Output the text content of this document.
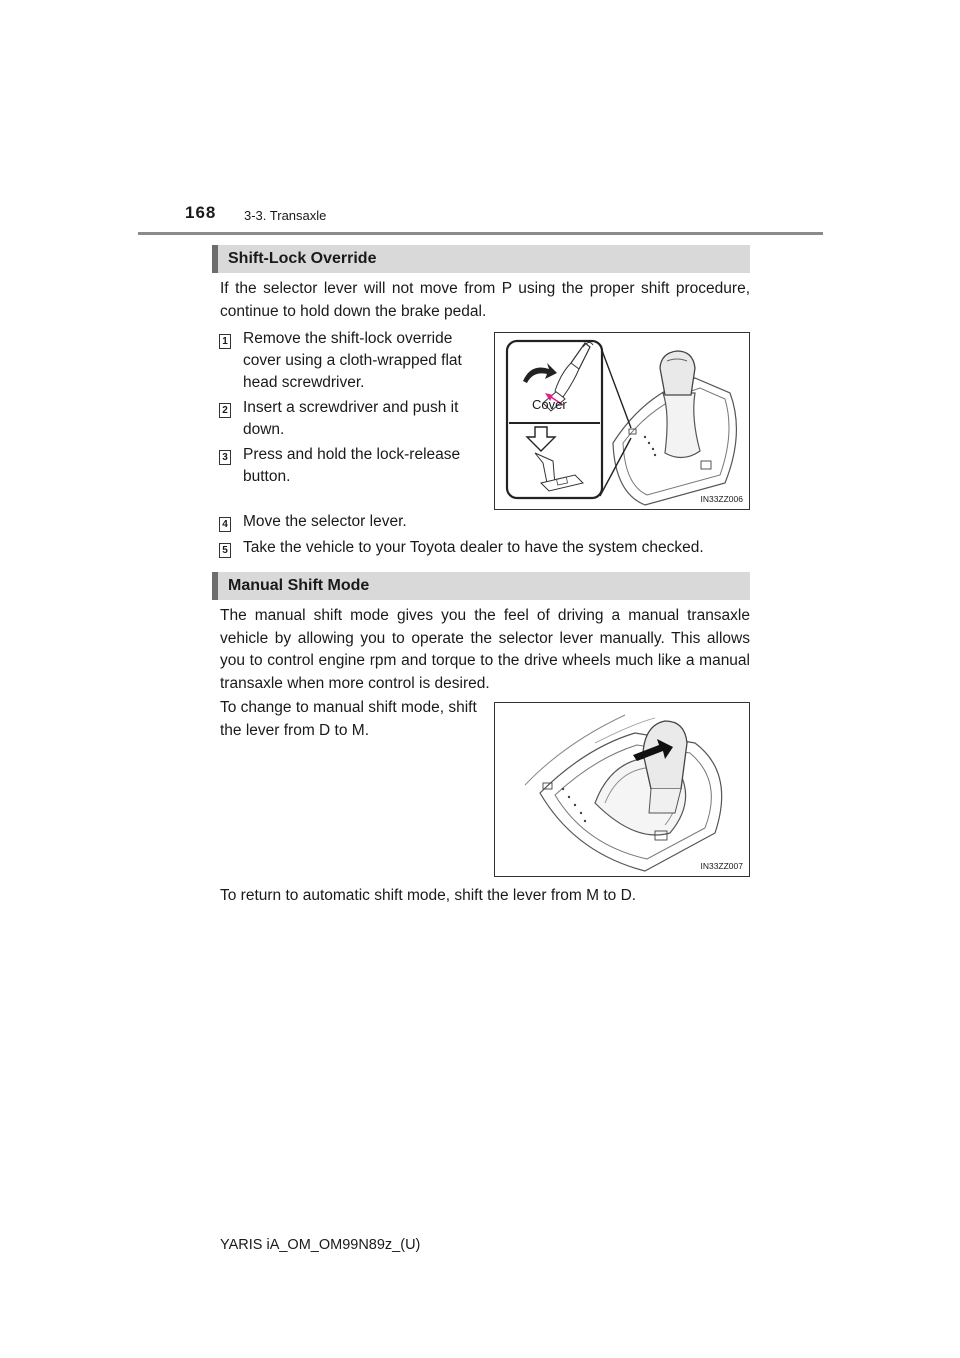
168 3-3. Transaxle
Shift-Lock Override

If the selector lever will not move from P using the proper shift procedure, continue to hold down the brake pedal.

1 Remove the shift-lock override
cover using a cloth-wrapped flat
head screwdriver.
2 Insert a screwdriver and push it
down.
3 Press and hold the lock-release
button.
Cover
IN33ZZ006
4 Move the selector lever.
5 Take the vehicle to your Toyota dealer to have the system checked.
Manual Shift Mode

The manual shift mode gives you the feel of driving a manual transaxle vehicle by allowing you to operate the selector lever manually. This allows you to control engine rpm and torque to the drive wheels much like a manual transaxle when more control is desired.

To change to manual shift mode, shift the lever from D to M.

IN33ZZ007

To return to automatic shift mode, shift the lever from M to D.

YARIS iA_OM_OM99N89z_(U)
